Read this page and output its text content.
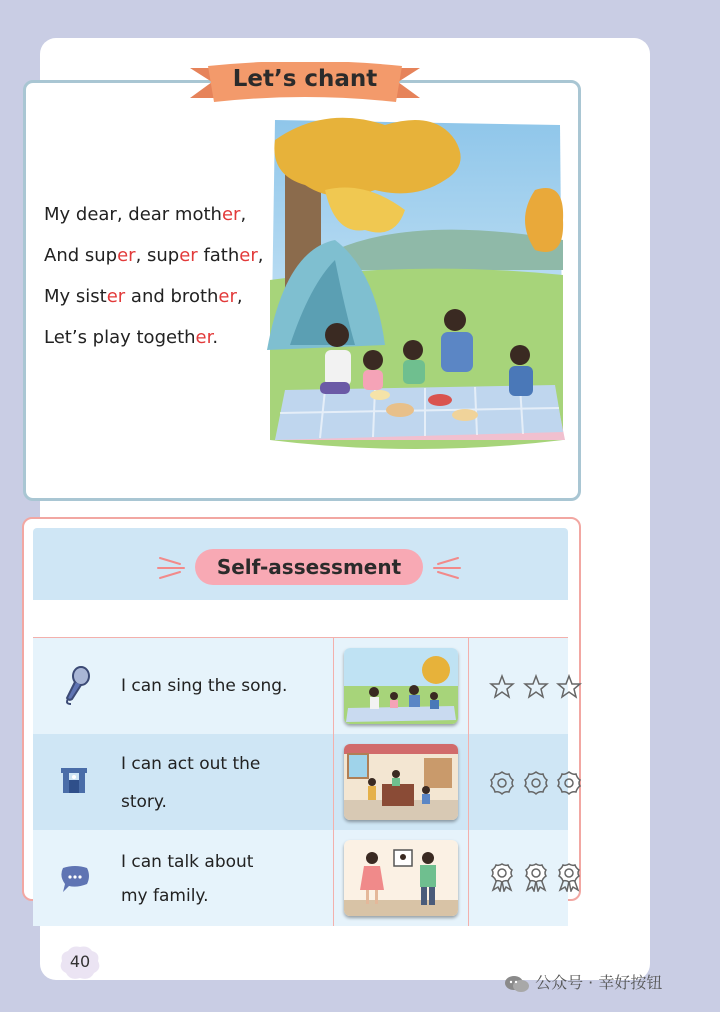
Let’s chant
My dear, dear mother,
And super, super father,
My sister and brother,
Let’s play together.
Self-assessment
I can sing the song.
I can act out the
story.
I can talk about
my family.
40
公众号 · 幸好按钮
